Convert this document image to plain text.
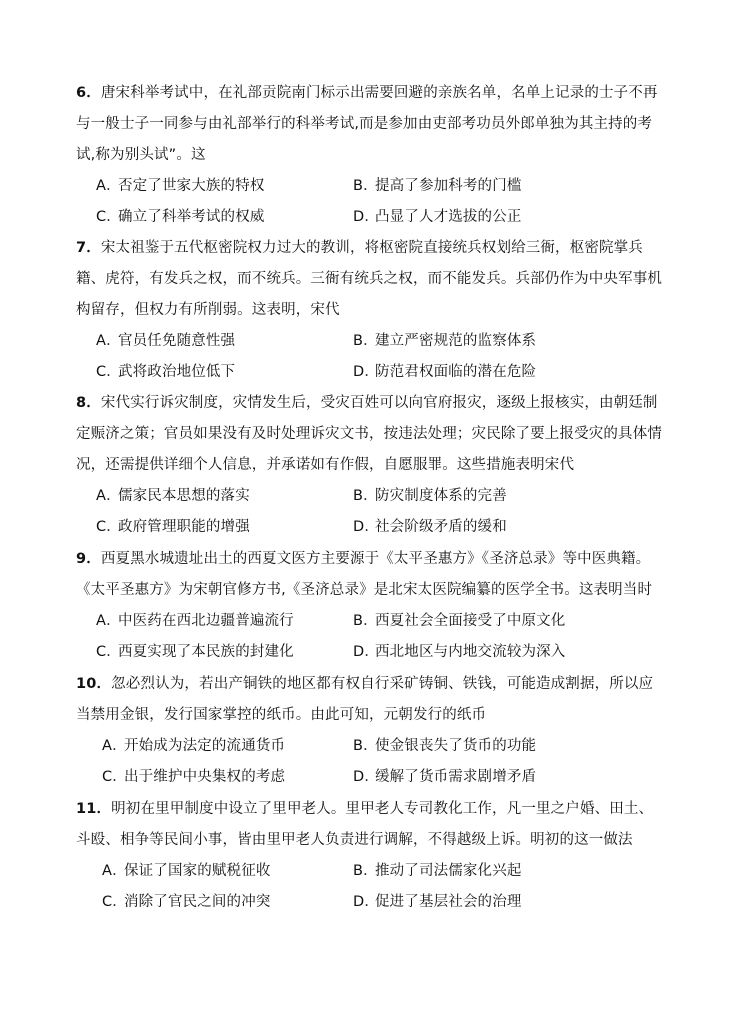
6．唐宋科举考试中，在礼部贡院南门标示出需要回避的亲族名单，名单上记录的士子不再与一般士子一同参与由礼部举行的科举考试,而是参加由吏部考功员外郎单独为其主持的考试,称为别头试”。这

A．否定了世家大族的特权	B．提高了参加科考的门槛
C．确立了科举考试的权威	D．凸显了人才选拔的公正

7．宋太祖鉴于五代枢密院权力过大的教训，将枢密院直接统兵权划给三衙，枢密院掌兵籍、虎符，有发兵之权，而不统兵。三衙有统兵之权，而不能发兵。兵部仍作为中央军事机构留存，但权力有所削弱。这表明，宋代

A．官员任免随意性强	B．建立严密规范的监察体系
C．武将政治地位低下	D．防范君权面临的潜在危险

8．宋代实行诉灾制度，灾情发生后，受灾百姓可以向官府报灾，逐级上报核实，由朝廷制定赈济之策；官员如果没有及时处理诉灾文书，按违法处理；灾民除了要上报受灾的具体情况，还需提供详细个人信息，并承诺如有作假，自愿服罪。这些措施表明宋代

A．儒家民本思想的落实	B．防灾制度体系的完善
C．政府管理职能的增强	D．社会阶级矛盾的缓和

9．西夏黑水城遗址出土的西夏文医方主要源于《太平圣惠方》《圣济总录》等中医典籍。《太平圣惠方》为宋朝官修方书,《圣济总录》是北宋太医院编纂的医学全书。这表明当时

A．中医药在西北边疆普遍流行	B．西夏社会全面接受了中原文化
C．西夏实现了本民族的封建化	D．西北地区与内地交流较为深入

10．忽必烈认为，若出产铜铁的地区都有权自行采矿铸铜、铁钱，可能造成割据，所以应当禁用金银，发行国家掌控的纸币。由此可知，元朝发行的纸币

A．开始成为法定的流通货币	B．使金银丧失了货币的功能
C．出于维护中央集权的考虑	D．缓解了货币需求剧增矛盾

11．明初在里甲制度中设立了里甲老人。里甲老人专司教化工作，凡一里之户婚、田土、斗殴、相争等民间小事，皆由里甲老人负责进行调解，不得越级上诉。明初的这一做法

A．保证了国家的赋税征收	B．推动了司法儒家化兴起
C．消除了官民之间的冲突	D．促进了基层社会的治理
